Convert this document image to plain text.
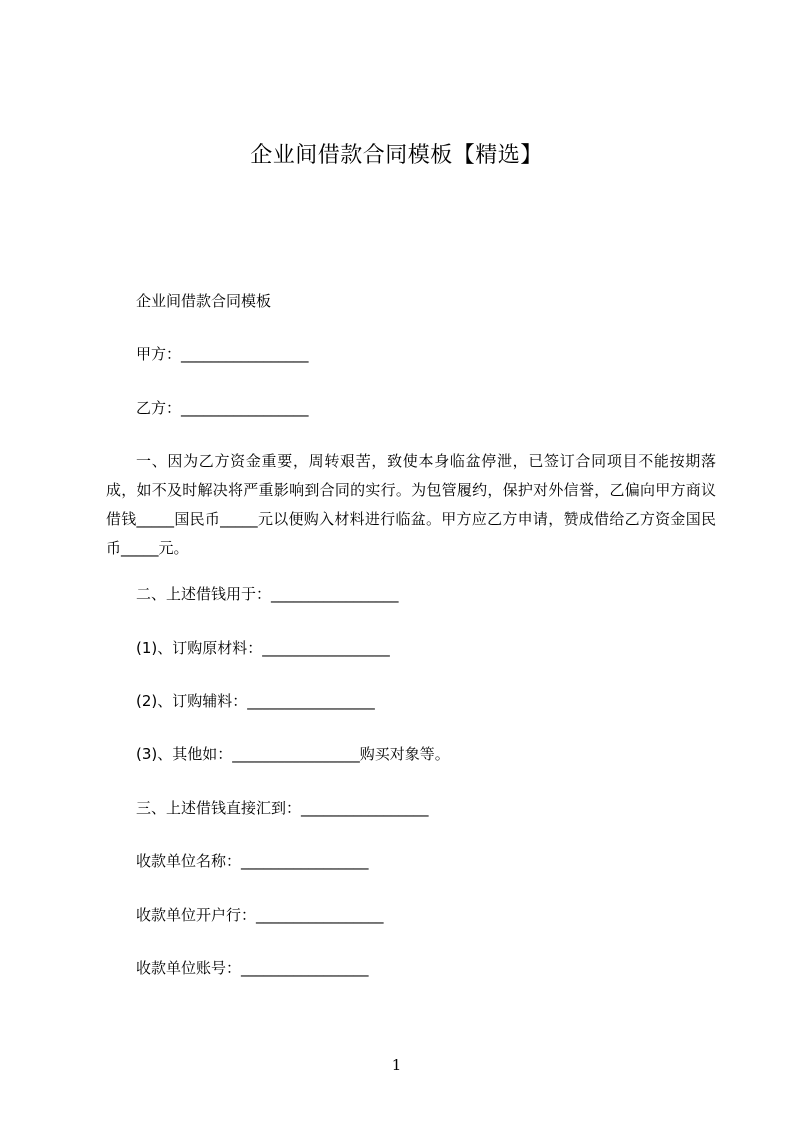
企业间借款合同模板【精选】
企业间借款合同模板
甲方：_________________
乙方：_________________
一、因为乙方资金重要，周转艰苦，致使本身临盆停泄，已签订合同项目不能按期落成，如不及时解决将严重影响到合同的实行。为包管履约，保护对外信誉，乙偏向甲方商议借钱_____国民币_____元以便购入材料进行临盆。甲方应乙方申请，赞成借给乙方资金国民币_____元。
二、上述借钱用于：_________________
(1)、订购原材料：_________________
(2)、订购辅料：_________________
(3)、其他如：_________________购买对象等。
三、上述借钱直接汇到：_________________
收款单位名称：_________________
收款单位开户行：_________________
收款单位账号：_________________
1
